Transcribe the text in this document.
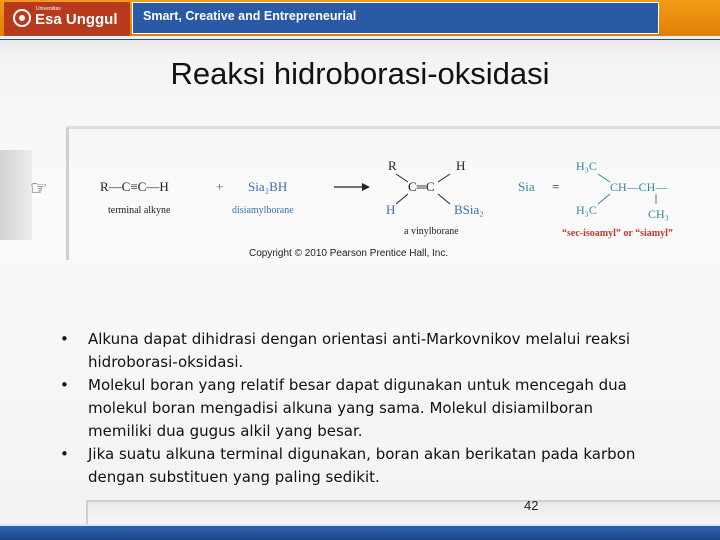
Universitas
Esa Unggul Smart, Creative and Entrepreneurial
Reaksi hidroborasi-oksidasi
☞	R—C≡C—H
terminal alkyne
+ Sia₂BH
disiamylborane
R	H
C═C
H	BSia₂
a vinylborane
Sia =
H₃C
H₃C
CH—CH—
CH₃
“sec-isoamyl” or “siamyl”
Copyright © 2010 Pearson Prentice Hall, Inc.

• Alkuna dapat dihidrasi dengan orientasi anti-Markovnikov melalui reaksi hidroborasi-oksidasi.

• Molekul boran yang relatif besar dapat digunakan untuk mencegah dua molekul boran mengadisi alkuna yang sama. Molekul disiamilboran memiliki dua gugus alkil yang besar.

• Jika suatu alkuna terminal digunakan, boran akan berikatan pada karbon dengan substituen yang paling sedikit.

42
